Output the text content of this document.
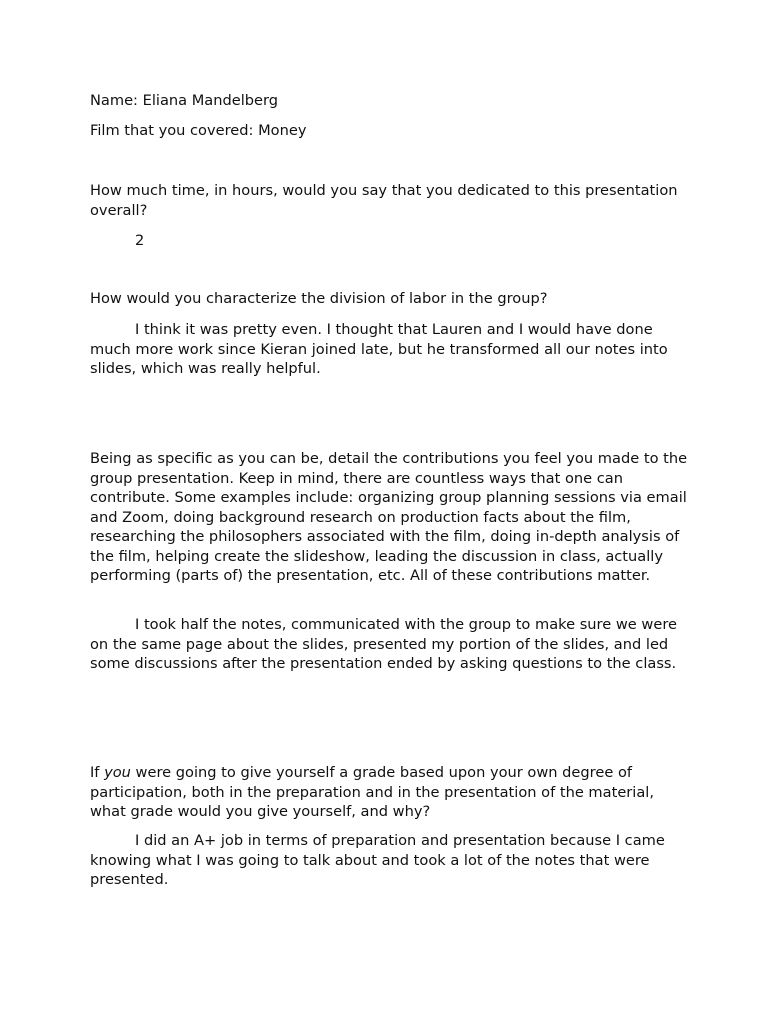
Name: Eliana Mandelberg

Film that you covered: Money

How much time, in hours, would you say that you dedicated to this presentation overall?

2

How would you characterize the division of labor in the group?

I think it was pretty even. I thought that Lauren and I would have done much more work since Kieran joined late, but he transformed all our notes into slides, which was really helpful.

Being as specific as you can be, detail the contributions you feel you made to the group presentation. Keep in mind, there are countless ways that one can contribute. Some examples include: organizing group planning sessions via email and Zoom, doing background research on production facts about the film, researching the philosophers associated with the film, doing in-depth analysis of the film, helping create the slideshow, leading the discussion in class, actually performing (parts of) the presentation, etc. All of these contributions matter.

I took half the notes, communicated with the group to make sure we were on the same page about the slides, presented my portion of the slides, and led some discussions after the presentation ended by asking questions to the class.

If you were going to give yourself a grade based upon your own degree of participation, both in the preparation and in the presentation of the material, what grade would you give yourself, and why?

I did an A+ job in terms of preparation and presentation because I came knowing what I was going to talk about and took a lot of the notes that were presented.
